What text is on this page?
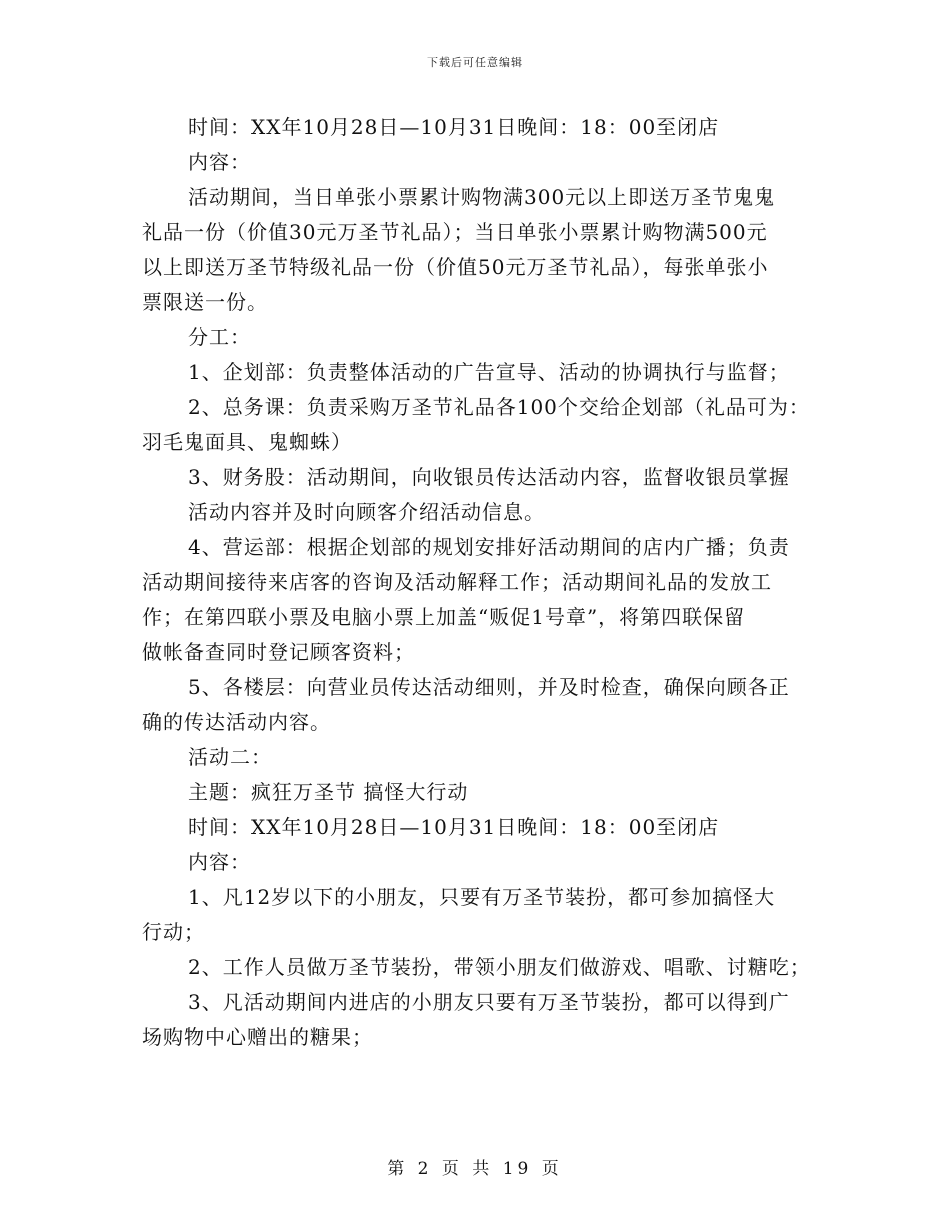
下载后可任意编辑
时间：XX年10月28日—10月31日晚间：18：00至闭店
内容：
活动期间，当日单张小票累计购物满300元以上即送万圣节鬼鬼
礼品一份（价值30元万圣节礼品）；当日单张小票累计购物满500元
以上即送万圣节特级礼品一份（价值50元万圣节礼品），每张单张小
票限送一份。
分工：
1、企划部：负责整体活动的广告宣导、活动的协调执行与监督；
2、总务课：负责采购万圣节礼品各100个交给企划部（礼品可为：
羽毛鬼面具、鬼蜘蛛）
3、财务股：活动期间，向收银员传达活动内容，监督收银员掌握
活动内容并及时向顾客介绍活动信息。
4、营运部：根据企划部的规划安排好活动期间的店内广播；负责
活动期间接待来店客的咨询及活动解释工作；活动期间礼品的发放工
作；在第四联小票及电脑小票上加盖“贩促1号章”，将第四联保留
做帐备查同时登记顾客资料；
5、各楼层：向营业员传达活动细则，并及时检查，确保向顾各正
确的传达活动内容。
活动二：
主题：疯狂万圣节 搞怪大行动
时间：XX年10月28日—10月31日晚间：18：00至闭店
内容：
1、凡12岁以下的小朋友，只要有万圣节装扮，都可参加搞怪大
行动；
2、工作人员做万圣节装扮，带领小朋友们做游戏、唱歌、讨糖吃；
3、凡活动期间内进店的小朋友只要有万圣节装扮，都可以得到广
场购物中心赠出的糖果；
第 2 页 共 19 页
